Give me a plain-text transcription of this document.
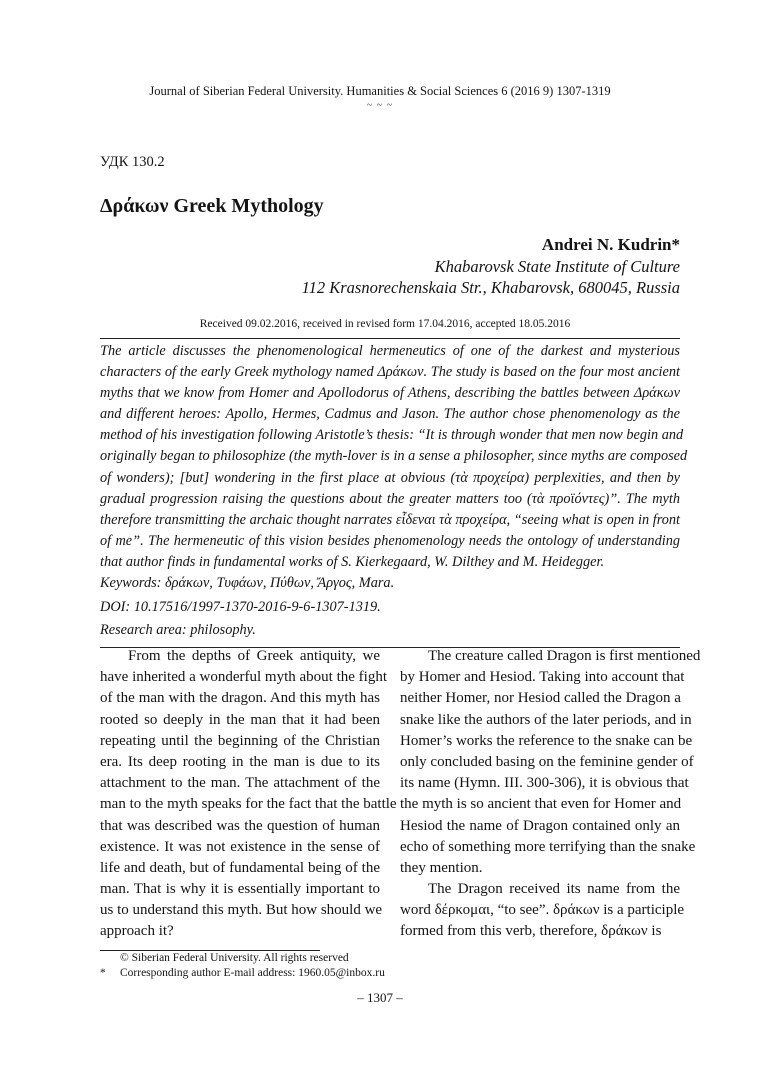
Journal of Siberian Federal University. Humanities & Social Sciences 6 (2016 9) 1307-1319
~ ~ ~
УДК 130.2
Δράκων Greek Mythology
Andrei N. Kudrin*
Khabarovsk State Institute of Culture
112 Krasnorechenskaia Str., Khabarovsk, 680045, Russia
Received 09.02.2016, received in revised form 17.04.2016, accepted 18.05.2016
The article discusses the phenomenological hermeneutics of one of the darkest and mysterious
characters of the early Greek mythology named Δράκων. The study is based on the four most ancient
myths that we know from Homer and Apollodorus of Athens, describing the battles between Δράκων
and different heroes: Apollo, Hermes, Cadmus and Jason. The author chose phenomenology as the
method of his investigation following Aristotle’s thesis: “It is through wonder that men now begin and
originally began to philosophize (the myth-lover is in a sense a philosopher, since myths are composed
of wonders); [but] wondering in the first place at obvious (τὰ προχείρα) perplexities, and then by
gradual progression raising the questions about the greater matters too (τὰ προϊόντες)”. The myth
therefore transmitting the archaic thought narrates εἶδεναι τὰ προχείρα, “seeing what is open in front
of me”. The hermeneutic of this vision besides phenomenology needs the ontology of understanding
that author finds in fundamental works of S. Kierkegaard, W. Dilthey and M. Heidegger.
Keywords: δράκων, Τυφάων, Πύθων, Ἄργος, Mara.
DOI: 10.17516/1997-1370-2016-9-6-1307-1319.
Research area: philosophy.
From the depths of Greek antiquity, we
have inherited a wonderful myth about the fight
of the man with the dragon. And this myth has
rooted so deeply in the man that it had been
repeating until the beginning of the Christian
era. Its deep rooting in the man is due to its
attachment to the man. The attachment of the
man to the myth speaks for the fact that the battle
that was described was the question of human
existence. It was not existence in the sense of
life and death, but of fundamental being of the
man. That is why it is essentially important to
us to understand this myth. But how should we
approach it?
The creature called Dragon is first mentioned
by Homer and Hesiod. Taking into account that
neither Homer, nor Hesiod called the Dragon a
snake like the authors of the later periods, and in
Homer’s works the reference to the snake can be
only concluded basing on the feminine gender of
its name (Hymn. III. 300-306), it is obvious that
the myth is so ancient that even for Homer and
Hesiod the name of Dragon contained only an
echo of something more terrifying than the snake
they mention.
The Dragon received its name from the
word δέρκομαι, “to see”. δράκων is a participle
formed from this verb, therefore, δράκων is
© Siberian Federal University. All rights reserved
* Corresponding author E-mail address: 1960.05@inbox.ru
– 1307 –
